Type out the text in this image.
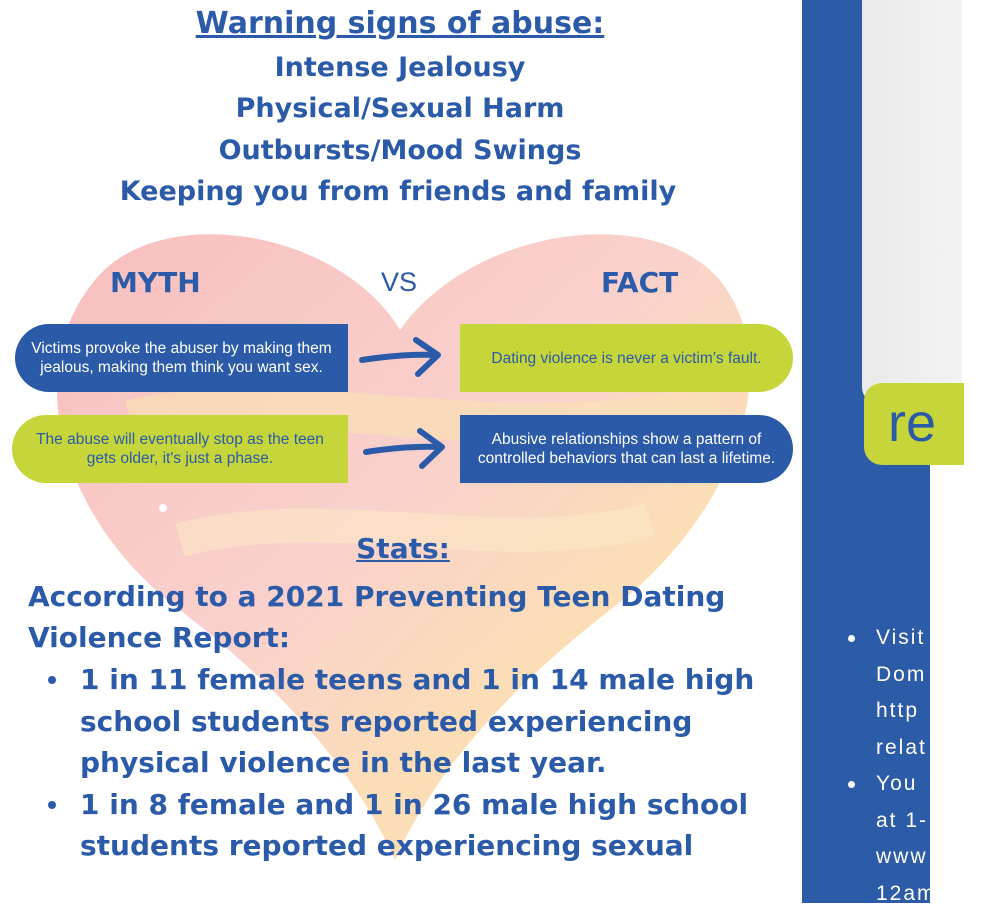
Warning signs of abuse:
Intense Jealousy
Physical/Sexual Harm
Outbursts/Mood Swings
Keeping you from friends and family
MYTH	VS	FACT
Victims provoke the abuser by making them jealous, making them think you want sex.
Dating violence is never a victim’s fault.
The abuse will eventually stop as the teen gets older, it's just a phase.
Abusive relationships show a pattern of controlled behaviors that can last a lifetime.
Stats:
According to a 2021 Preventing Teen Dating Violence Report:
1 in 11 female teens and 1 in 14 male high school students reported experiencing physical violence in the last year.
1 in 8 female and 1 in 26 male high school students reported experiencing sexual
re
Visit
Dom
http
relat
You
at 1-
www
12am
